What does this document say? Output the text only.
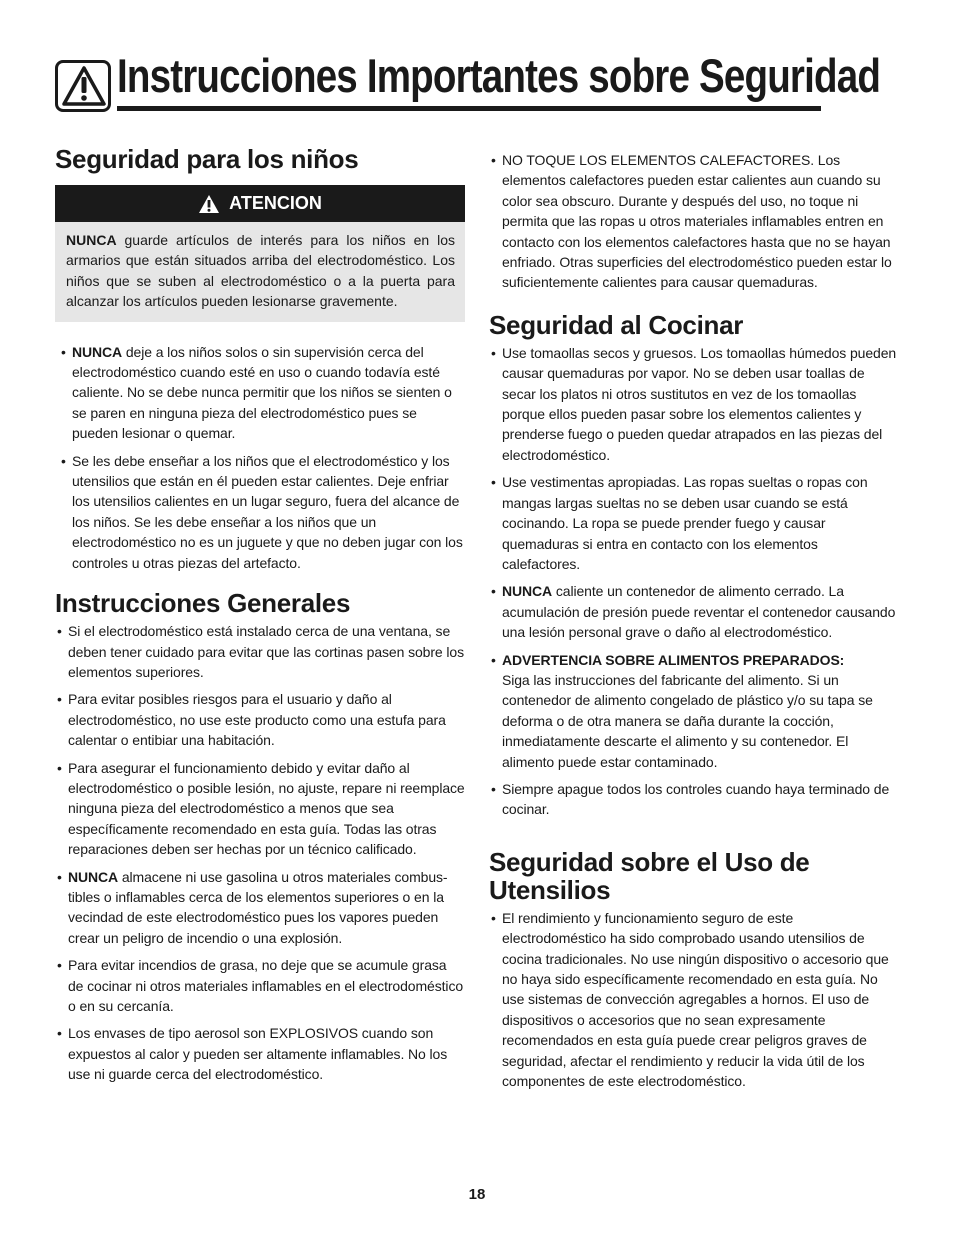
Instrucciones Importantes sobre Seguridad
Seguridad para los niños
ATENCION

NUNCA guarde artículos de interés para los niños en los armarios que están situados arriba del electrodoméstico. Los niños que se suben al electrodoméstico o a la puerta para alcanzar los artículos pueden lesionarse gravemente.

• NUNCA deje a los niños solos o sin supervisión cerca del electrodoméstico cuando esté en uso o cuando todavía esté caliente. No se debe nunca permitir que los niños se sienten o se paren en ninguna pieza del electrodoméstico pues se pueden lesionar o quemar.
• Se les debe enseñar a los niños que el electrodoméstico y los utensilios que están en él pueden estar calientes. Deje enfriar los utensilios calientes en un lugar seguro, fuera del alcance de los niños. Se les debe enseñar a los niños que un electrodoméstico no es un juguete y que no deben jugar con los controles u otras piezas del artefacto.
Instrucciones Generales
• Si el electrodoméstico está instalado cerca de una ventana, se deben tener cuidado para evitar que las cortinas pasen sobre los elementos superiores.
• Para evitar posibles riesgos para el usuario y daño al electrodoméstico, no use este producto como una estufa para calentar o entibiar una habitación.
• Para asegurar el funcionamiento debido y evitar daño al electrodoméstico o posible lesión, no ajuste, repare ni reemplace ninguna pieza del electrodoméstico a menos que sea específicamente recomendado en esta guía. Todas las otras reparaciones deben ser hechas por un técnico calificado.
• NUNCA almacene ni use gasolina u otros materiales combus-tibles o inflamables cerca de los elementos superiores o en la vecindad de este electrodoméstico pues los vapores pueden crear un peligro de incendio o una explosión.
• Para evitar incendios de grasa, no deje que se acumule grasa de cocinar ni otros materiales inflamables en el electrodoméstico o en su cercanía.
• Los envases de tipo aerosol son EXPLOSIVOS cuando son expuestos al calor y pueden ser altamente inflamables. No los use ni guarde cerca del electrodoméstico.
• NO TOQUE LOS ELEMENTOS CALEFACTORES. Los elementos calefactores pueden estar calientes aun cuando su color sea obscuro. Durante y después del uso, no toque ni permita que las ropas u otros materiales inflamables entren en contacto con los elementos calefactores hasta que no se hayan enfriado. Otras superficies del electrodoméstico pueden estar lo suficientemente calientes para causar quemaduras.
Seguridad al Cocinar
• Use tomaollas secos y gruesos. Los tomaollas húmedos pueden causar quemaduras por vapor. No se deben usar toallas de secar los platos ni otros sustitutos en vez de los tomaollas porque ellos pueden pasar sobre los elementos calientes y prenderse fuego o pueden quedar atrapados en las piezas del electrodoméstico.
• Use vestimentas apropiadas. Las ropas sueltas o ropas con mangas largas sueltas no se deben usar cuando se está cocinando. La ropa se puede prender fuego y causar quemaduras si entra en contacto con los elementos calefactores.
• NUNCA caliente un contenedor de alimento cerrado. La acumulación de presión puede reventar el contenedor causando una lesión personal grave o daño al electrodoméstico.
• ADVERTENCIA SOBRE ALIMENTOS PREPARADOS:
Siga las instrucciones del fabricante del alimento. Si un contenedor de alimento congelado de plástico y/o su tapa se deforma o de otra manera se daña durante la cocción, inmediatamente descarte el alimento y su contenedor. El alimento puede estar contaminado.
• Siempre apague todos los controles cuando haya terminado de cocinar.
Seguridad sobre el Uso de Utensilios
• El rendimiento y funcionamiento seguro de este electrodoméstico ha sido comprobado usando utensilios de cocina tradicionales. No use ningún dispositivo o accesorio que no haya sido específicamente recomendado en esta guía. No use sistemas de convección agregables a hornos. El uso de dispositivos o accesorios que no sean expresamente recomendados en esta guía puede crear peligros graves de seguridad, afectar el rendimiento y reducir la vida útil de los componentes de este electrodoméstico.
18
